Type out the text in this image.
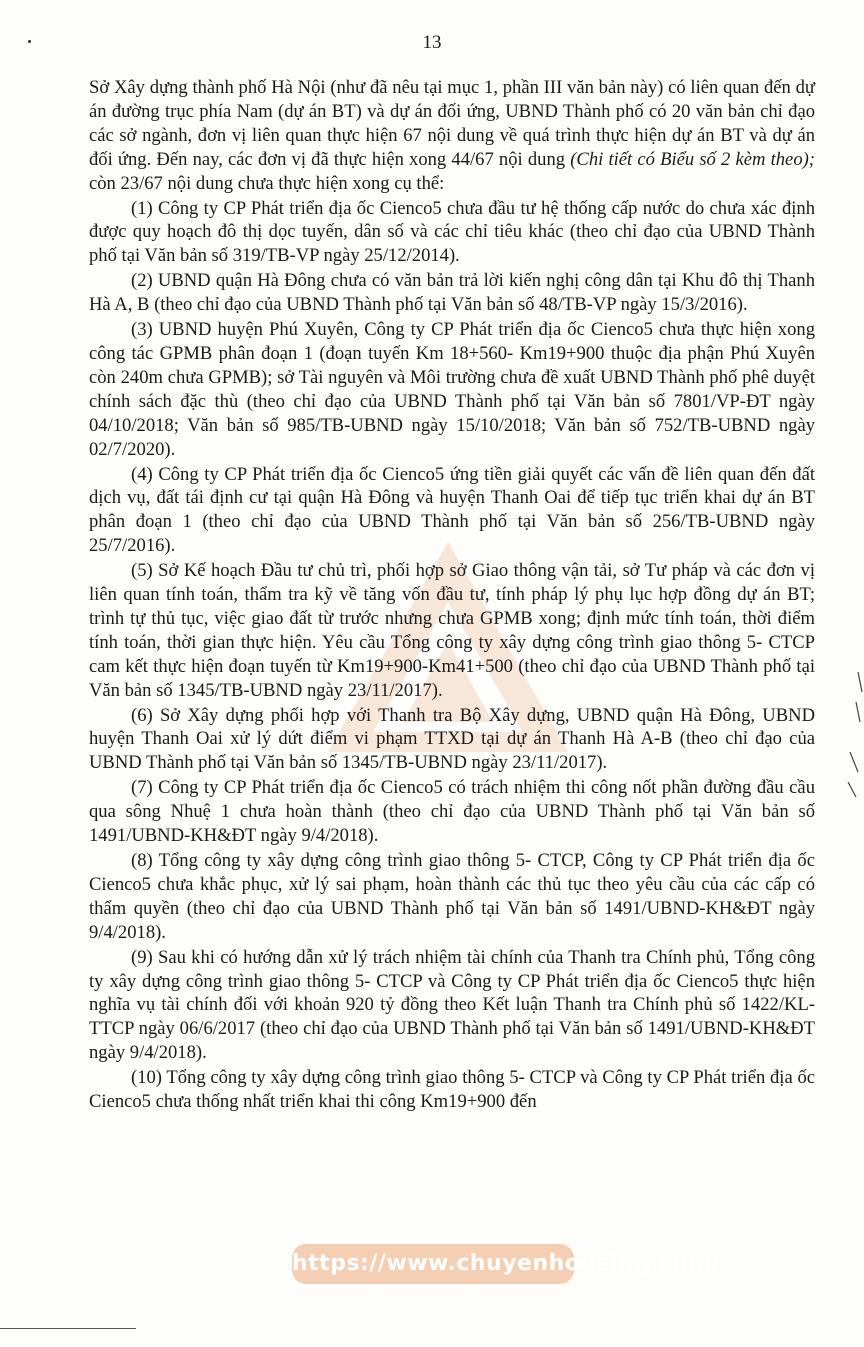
13

Sở Xây dựng thành phố Hà Nội (như đã nêu tại mục 1, phần III văn bản này) có liên quan đến dự án đường trục phía Nam (dự án BT) và dự án đối ứng, UBND Thành phố có 20 văn bản chỉ đạo các sở ngành, đơn vị liên quan thực hiện 67 nội dung về quá trình thực hiện dự án BT và dự án đối ứng. Đến nay, các đơn vị đã thực hiện xong 44/67 nội dung (Chi tiết có Biểu số 2 kèm theo); còn 23/67 nội dung chưa thực hiện xong cụ thể:

(1) Công ty CP Phát triển địa ốc Cienco5 chưa đầu tư hệ thống cấp nước do chưa xác định được quy hoạch đô thị dọc tuyến, dân số và các chỉ tiêu khác (theo chỉ đạo của UBND Thành phố tại Văn bản số 319/TB-VP ngày 25/12/2014).

(2) UBND quận Hà Đông chưa có văn bản trả lời kiến nghị công dân tại Khu đô thị Thanh Hà A, B (theo chỉ đạo của UBND Thành phố tại Văn bản số 48/TB-VP ngày 15/3/2016).

(3) UBND huyện Phú Xuyên, Công ty CP Phát triển địa ốc Cienco5 chưa thực hiện xong công tác GPMB phân đoạn 1 (đoạn tuyến Km 18+560- Km19+900 thuộc địa phận Phú Xuyên còn 240m chưa GPMB); sở Tài nguyên và Môi trường chưa đề xuất UBND Thành phố phê duyệt chính sách đặc thù (theo chỉ đạo của UBND Thành phố tại Văn bản số 7801/VP-ĐT ngày 04/10/2018; Văn bản số 985/TB-UBND ngày 15/10/2018; Văn bản số 752/TB-UBND ngày 02/7/2020).

(4) Công ty CP Phát triển địa ốc Cienco5 ứng tiền giải quyết các vấn đề liên quan đến đất dịch vụ, đất tái định cư tại quận Hà Đông và huyện Thanh Oai để tiếp tục triển khai dự án BT phân đoạn 1 (theo chỉ đạo của UBND Thành phố tại Văn bản số 256/TB-UBND ngày 25/7/2016).

(5) Sở Kế hoạch Đầu tư chủ trì, phối hợp sở Giao thông vận tải, sở Tư pháp và các đơn vị liên quan tính toán, thẩm tra kỹ về tăng vốn đầu tư, tính pháp lý phụ lục hợp đồng dự án BT; trình tự thủ tục, việc giao đất từ trước nhưng chưa GPMB xong; định mức tính toán, thời điểm tính toán, thời gian thực hiện. Yêu cầu Tổng công ty xây dựng công trình giao thông 5- CTCP cam kết thực hiện đoạn tuyến từ Km19+900-Km41+500 (theo chỉ đạo của UBND Thành phố tại Văn bản số 1345/TB-UBND ngày 23/11/2017).

(6) Sở Xây dựng phối hợp với Thanh tra Bộ Xây dựng, UBND quận Hà Đông, UBND huyện Thanh Oai xử lý dứt điểm vi phạm TTXD tại dự án Thanh Hà A-B (theo chỉ đạo của UBND Thành phố tại Văn bản số 1345/TB-UBND ngày 23/11/2017).

(7) Công ty CP Phát triển địa ốc Cienco5 có trách nhiệm thi công nốt phần đường đầu cầu qua sông Nhuệ 1 chưa hoàn thành (theo chỉ đạo của UBND Thành phố tại Văn bản số 1491/UBND-KH&ĐT ngày 9/4/2018).

(8) Tổng công ty xây dựng công trình giao thông 5- CTCP, Công ty CP Phát triển địa ốc Cienco5 chưa khắc phục, xử lý sai phạm, hoàn thành các thủ tục theo yêu cầu của các cấp có thẩm quyền (theo chỉ đạo của UBND Thành phố tại Văn bản số 1491/UBND-KH&ĐT ngày 9/4/2018).

(9) Sau khi có hướng dẫn xử lý trách nhiệm tài chính của Thanh tra Chính phủ, Tổng công ty xây dựng công trình giao thông 5- CTCP và Công ty CP Phát triển địa ốc Cienco5 thực hiện nghĩa vụ tài chính đối với khoản 920 tỷ đồng theo Kết luận Thanh tra Chính phủ số 1422/KL-TTCP ngày 06/6/2017 (theo chỉ đạo của UBND Thành phố tại Văn bản số 1491/UBND-KH&ĐT ngày 9/4/2018).

(10) Tổng công ty xây dựng công trình giao thông 5- CTCP và Công ty CP Phát triển địa ốc Cienco5 chưa thống nhất triển khai thi công Km19+900 đến

https://www.chuyenhousing.com/
